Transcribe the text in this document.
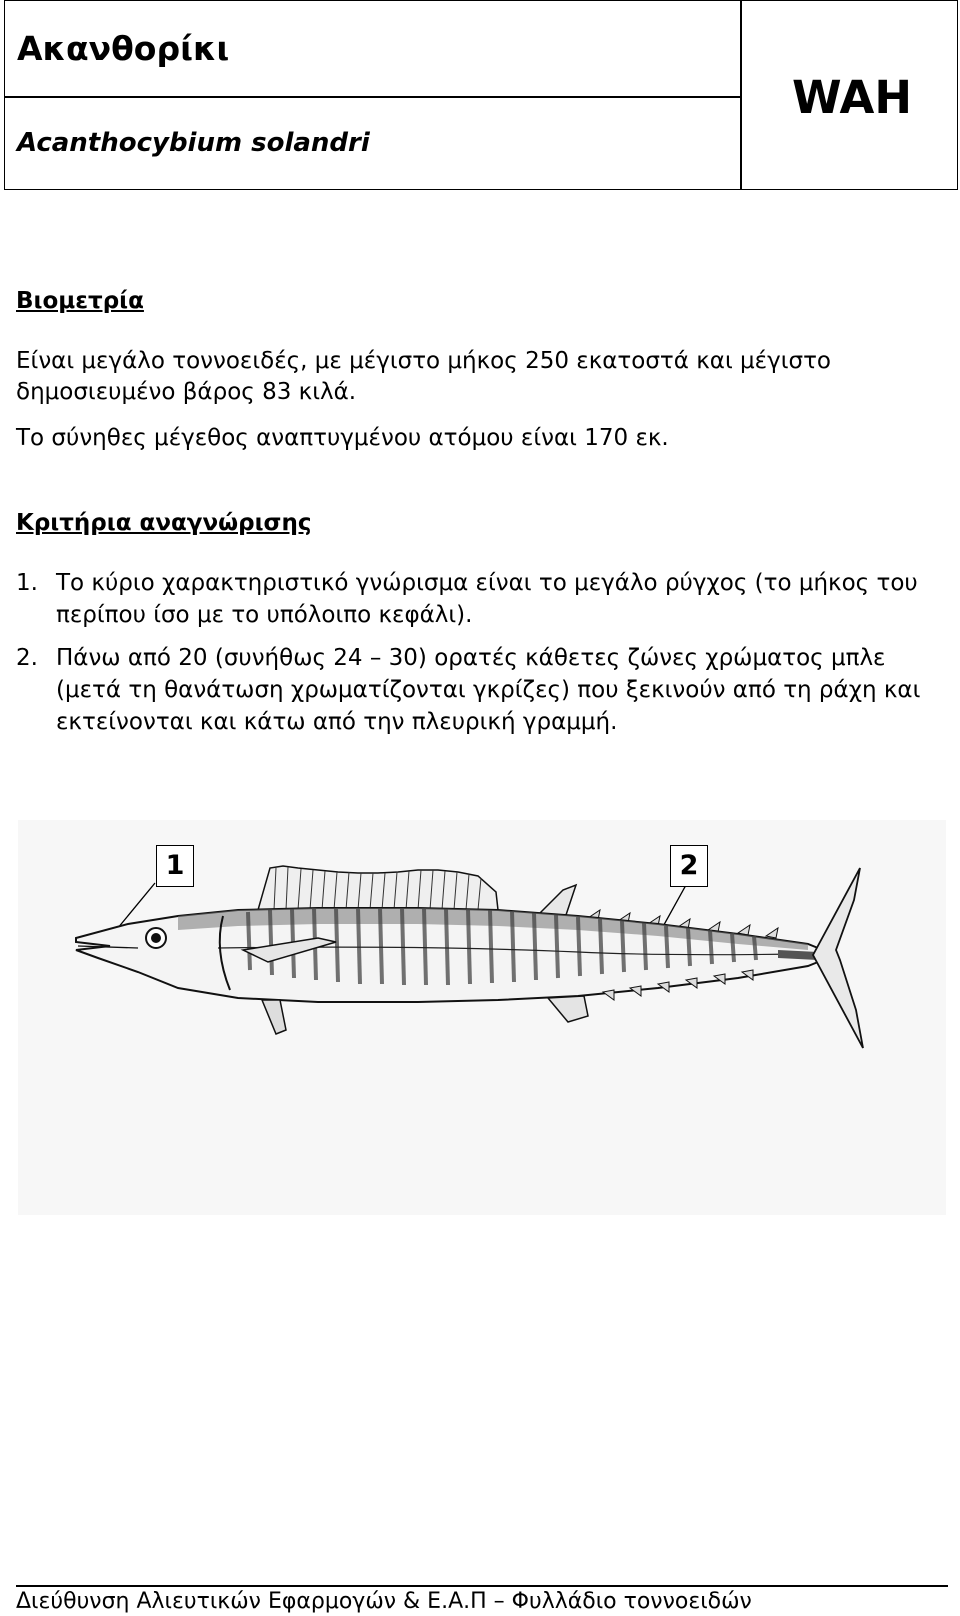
Ακανθορίκι
Acanthocybium solandri
WAH
Βιομετρία
Είναι μεγάλο τοννοειδές, με μέγιστο μήκος 250 εκατοστά και μέγιστο
δημοσιευμένο βάρος 83 κιλά.
Το σύνηθες μέγεθος αναπτυγμένου ατόμου είναι 170 εκ.
Κριτήρια αναγνώρισης
1. Το κύριο χαρακτηριστικό γνώρισμα είναι το μεγάλο ρύγχος (το μήκος του περίπου ίσο με το υπόλοιπο κεφάλι).
2. Πάνω από 20 (συνήθως 24 – 30) ορατές κάθετες ζώνες χρώματος μπλε (μετά τη θανάτωση χρωματίζονται γκρίζες) που ξεκινούν από τη ράχη και εκτείνονται και κάτω από την πλευρική γραμμή.
1	2
Διεύθυνση Αλιευτικών Εφαρμογών & Ε.Α.Π – Φυλλάδιο τοννοειδών
